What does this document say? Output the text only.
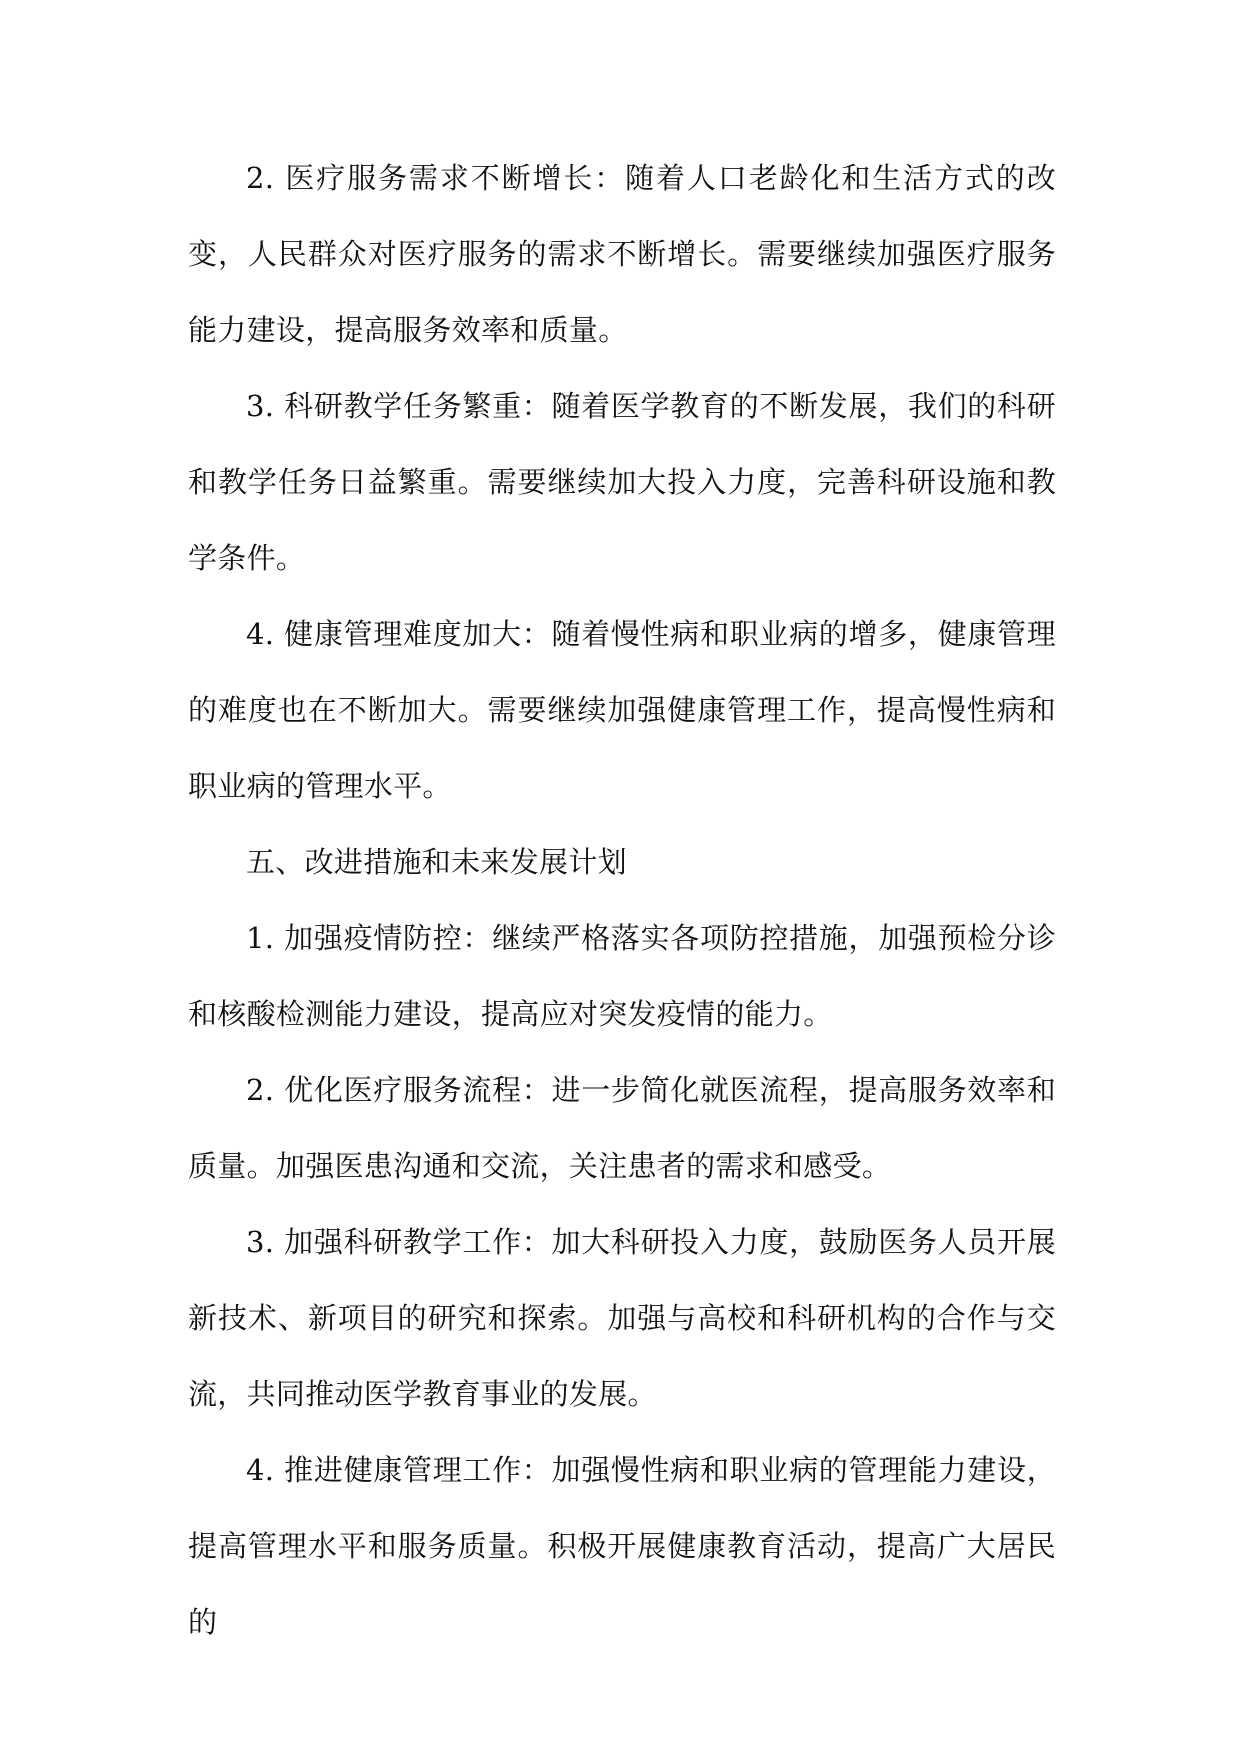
2. 医疗服务需求不断增长：随着人口老龄化和生活方式的改变，人民群众对医疗服务的需求不断增长。需要继续加强医疗服务能力建设，提高服务效率和质量。

3. 科研教学任务繁重：随着医学教育的不断发展，我们的科研和教学任务日益繁重。需要继续加大投入力度，完善科研设施和教学条件。

4. 健康管理难度加大：随着慢性病和职业病的增多，健康管理的难度也在不断加大。需要继续加强健康管理工作，提高慢性病和职业病的管理水平。

五、改进措施和未来发展计划

1. 加强疫情防控：继续严格落实各项防控措施，加强预检分诊和核酸检测能力建设，提高应对突发疫情的能力。

2. 优化医疗服务流程：进一步简化就医流程，提高服务效率和质量。加强医患沟通和交流，关注患者的需求和感受。

3. 加强科研教学工作：加大科研投入力度，鼓励医务人员开展新技术、新项目的研究和探索。加强与高校和科研机构的合作与交流，共同推动医学教育事业的发展。

4. 推进健康管理工作：加强慢性病和职业病的管理能力建设，提高管理水平和服务质量。积极开展健康教育活动，提高广大居民的
